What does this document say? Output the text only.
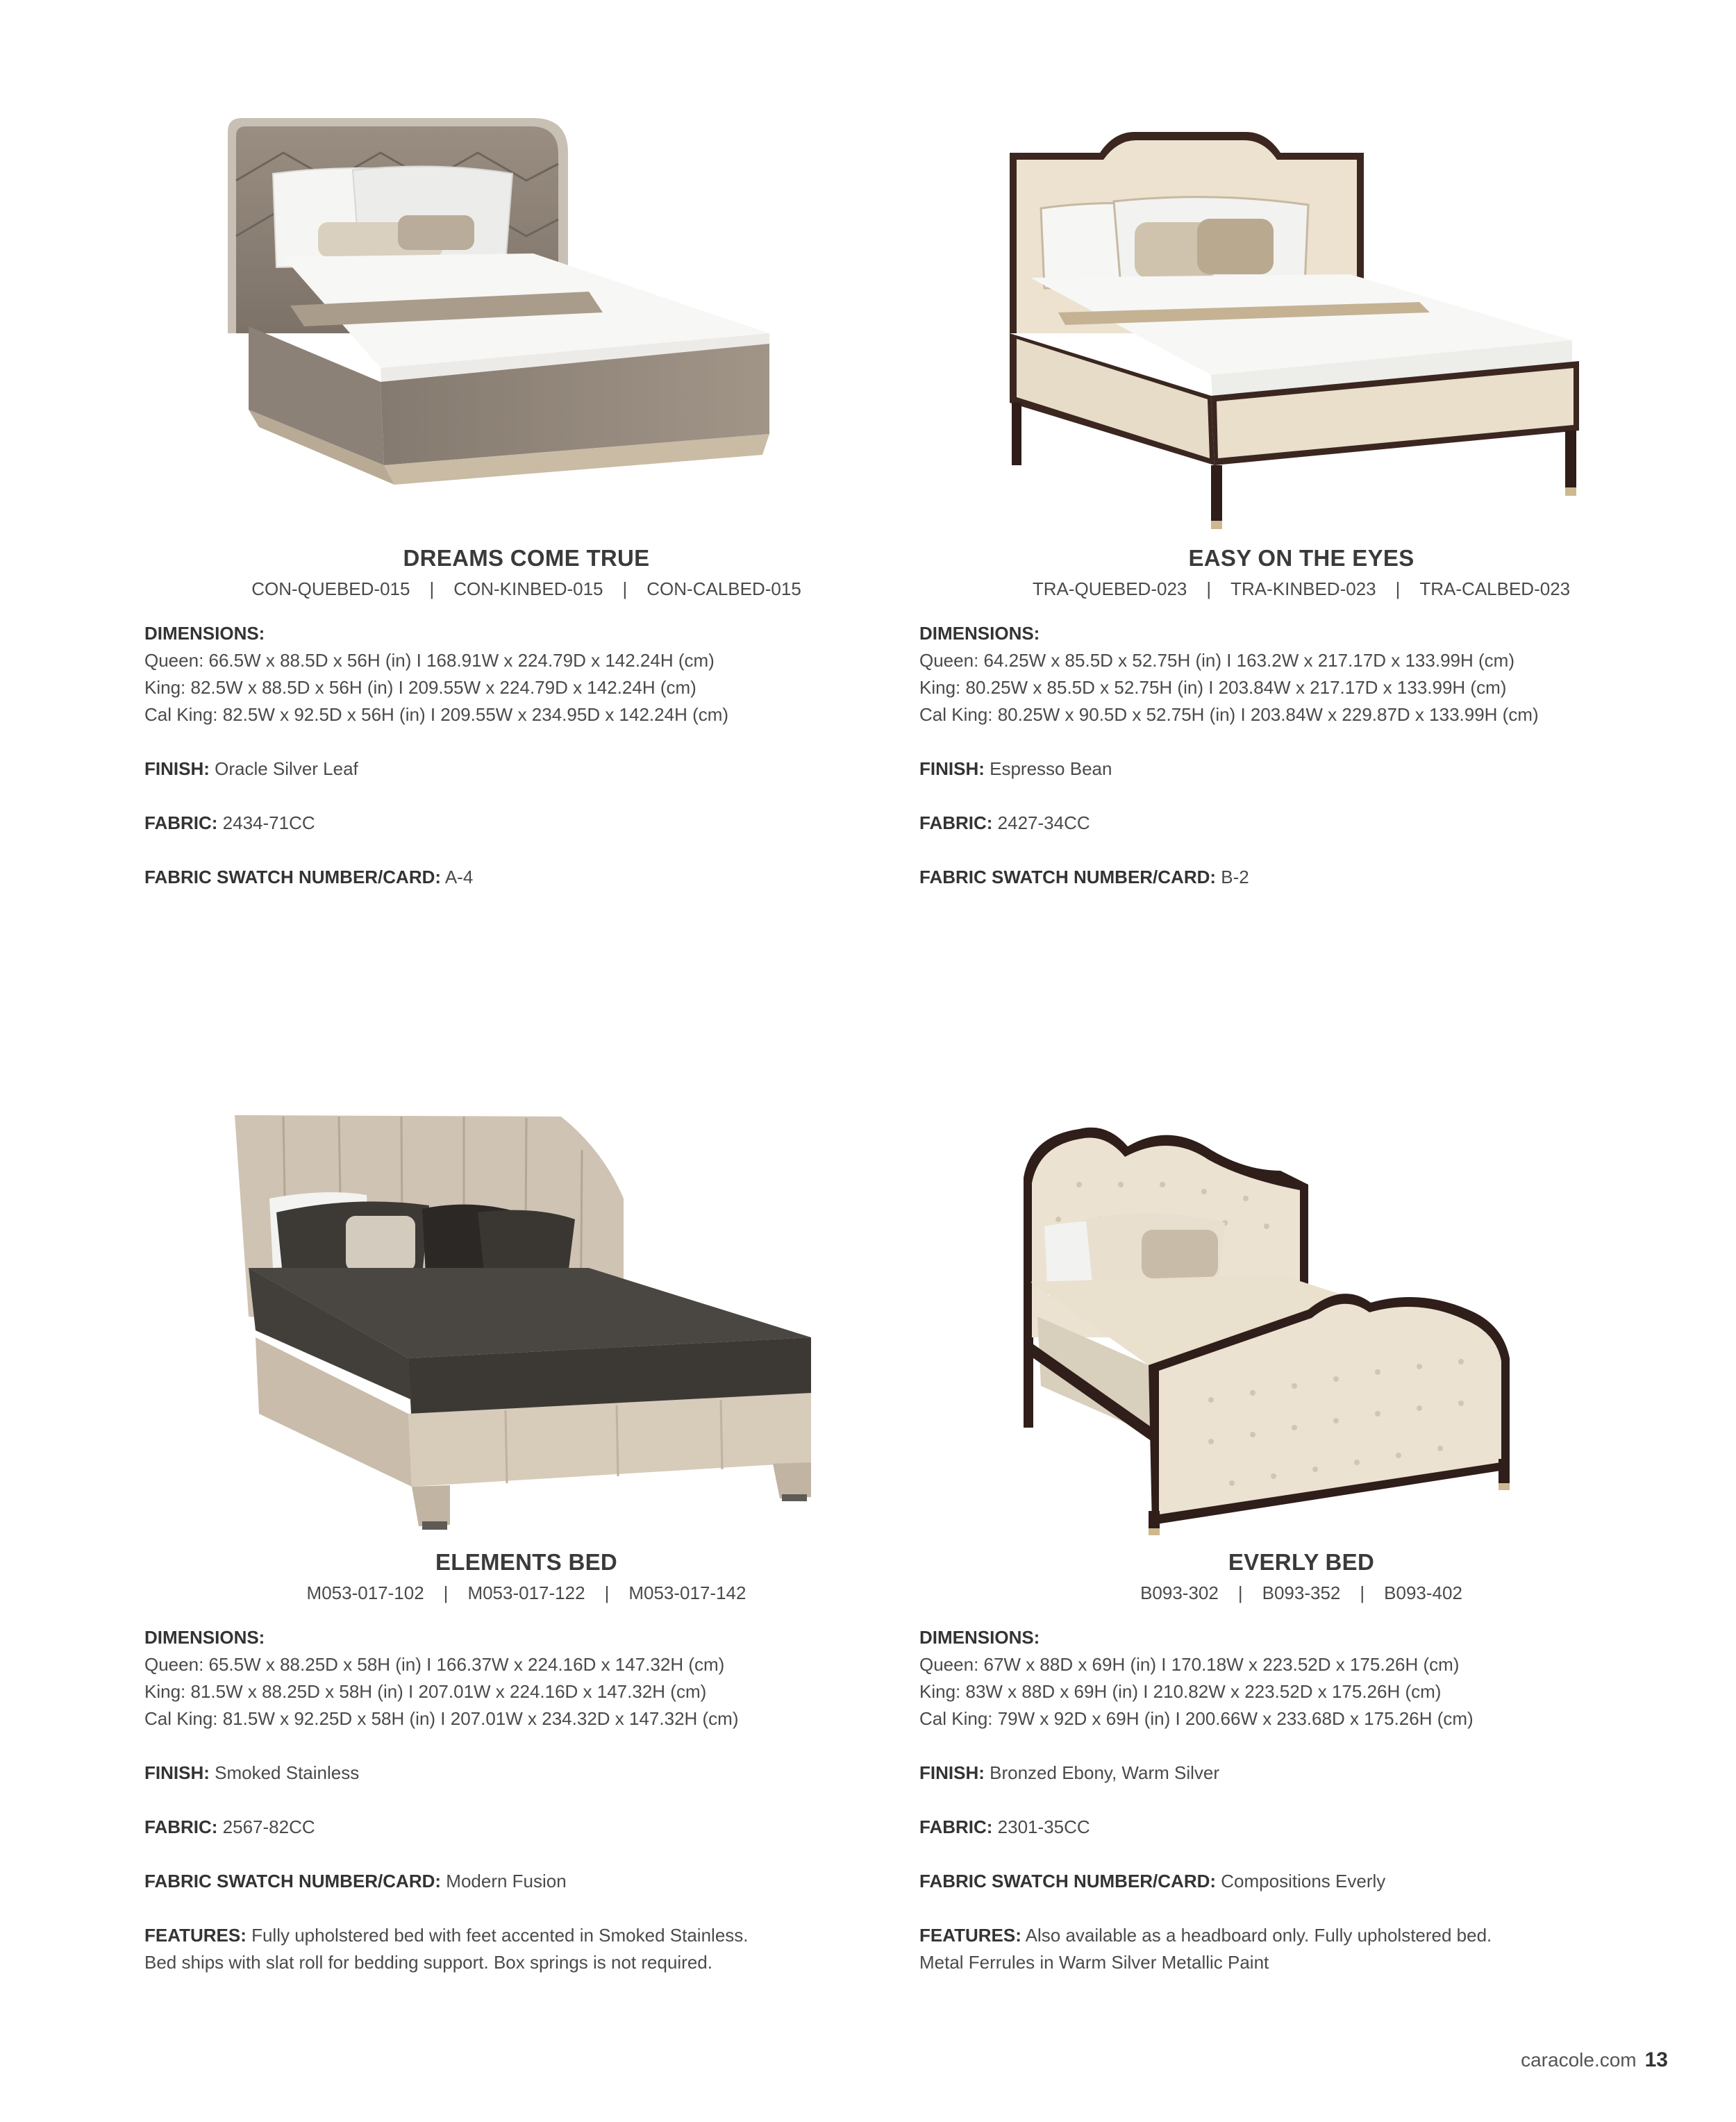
DREAMS COME TRUE
CON-QUEBED-015 | CON-KINBED-015 | CON-CALBED-015
DIMENSIONS:
Queen: 66.5W x 88.5D x 56H (in) I 168.91W x 224.79D x 142.24H (cm)
King: 82.5W x 88.5D x 56H (in) I 209.55W x 224.79D x 142.24H (cm)
Cal King: 82.5W x 92.5D x 56H (in) I 209.55W x 234.95D x 142.24H (cm)
FINISH: Oracle Silver Leaf
FABRIC: 2434-71CC
FABRIC SWATCH NUMBER/CARD: A-4
EASY ON THE EYES
TRA-QUEBED-023 | TRA-KINBED-023 | TRA-CALBED-023
DIMENSIONS:
Queen: 64.25W x 85.5D x 52.75H (in) I 163.2W x 217.17D x 133.99H (cm)
King: 80.25W x 85.5D x 52.75H (in) I 203.84W x 217.17D x 133.99H (cm)
Cal King: 80.25W x 90.5D x 52.75H (in) I 203.84W x 229.87D x 133.99H (cm)
FINISH: Espresso Bean
FABRIC: 2427-34CC
FABRIC SWATCH NUMBER/CARD: B-2
ELEMENTS BED
M053-017-102 | M053-017-122 | M053-017-142
DIMENSIONS:
Queen: 65.5W x 88.25D x 58H (in) I 166.37W x 224.16D x 147.32H (cm)
King: 81.5W x 88.25D x 58H (in) I 207.01W x 224.16D x 147.32H (cm)
Cal King: 81.5W x 92.25D x 58H (in) I 207.01W x 234.32D x 147.32H (cm)
FINISH: Smoked Stainless
FABRIC: 2567-82CC
FABRIC SWATCH NUMBER/CARD: Modern Fusion
FEATURES: Fully upholstered bed with feet accented in Smoked Stainless.
Bed ships with slat roll for bedding support. Box springs is not required.
EVERLY BED
B093-302 | B093-352 | B093-402
DIMENSIONS:
Queen: 67W x 88D x 69H (in) I 170.18W x 223.52D x 175.26H (cm)
King: 83W x 88D x 69H (in) I 210.82W x 223.52D x 175.26H (cm)
Cal King: 79W x 92D x 69H (in) I 200.66W x 233.68D x 175.26H (cm)
FINISH: Bronzed Ebony, Warm Silver
FABRIC: 2301-35CC
FABRIC SWATCH NUMBER/CARD: Compositions Everly
FEATURES: Also available as a headboard only. Fully upholstered bed.
Metal Ferrules in Warm Silver Metallic Paint
caracole.com 13
